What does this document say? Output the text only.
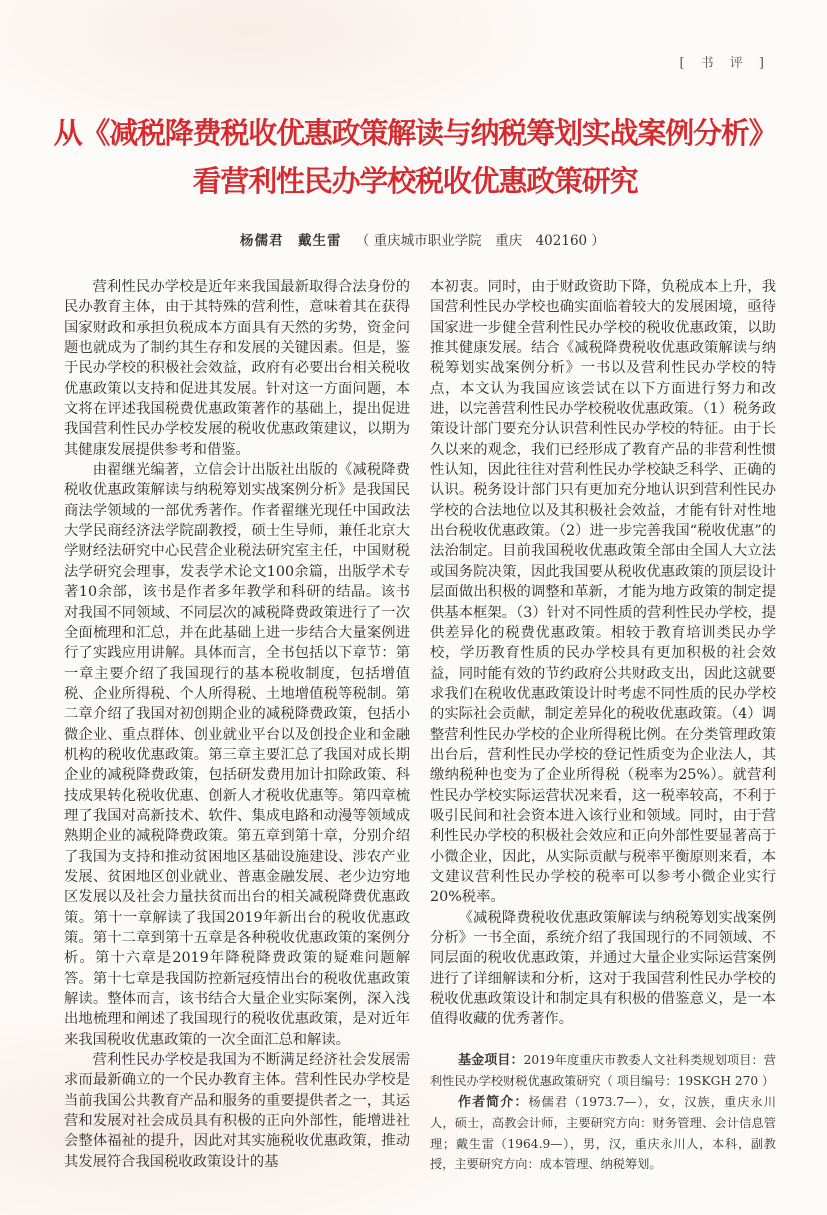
[ 书 评 ]
从《减税降费税收优惠政策解读与纳税筹划实战案例分析》
看营利性民办学校税收优惠政策研究
杨儒君　戴生雷 （ 重庆城市职业学院　重庆　402160 ）

营利性民办学校是近年来我国最新取得合法身份的民办教育主体，由于其特殊的营利性，意味着其在获得国家财政和承担负税成本方面具有天然的劣势，资金问题也就成为了制约其生存和发展的关键因素。但是，鉴于民办学校的积极社会效益，政府有必要出台相关税收优惠政策以支持和促进其发展。针对这一方面问题，本文将在评述我国税费优惠政策著作的基础上，提出促进我国营利性民办学校发展的税收优惠政策建议，以期为其健康发展提供参考和借鉴。

由翟继光编著，立信会计出版社出版的《减税降费税收优惠政策解读与纳税筹划实战案例分析》是我国民商法学领域的一部优秀著作。作者翟继光现任中国政法大学民商经济法学院副教授，硕士生导师，兼任北京大学财经法研究中心民营企业税法研究室主任，中国财税法学研究会理事，发表学术论文100余篇，出版学术专著10余部，该书是作者多年教学和科研的结晶。该书对我国不同领域、不同层次的减税降费政策进行了一次全面梳理和汇总，并在此基础上进一步结合大量案例进行了实践应用讲解。具体而言，全书包括以下章节：第一章主要介绍了我国现行的基本税收制度，包括增值税、企业所得税、个人所得税、土地增值税等税制。第二章介绍了我国对初创期企业的减税降费政策，包括小微企业、重点群体、创业就业平台以及创投企业和金融机构的税收优惠政策。第三章主要汇总了我国对成长期企业的减税降费政策，包括研发费用加计扣除政策、科技成果转化税收优惠、创新人才税收优惠等。第四章梳理了我国对高新技术、软件、集成电路和动漫等领域成熟期企业的减税降费政策。第五章到第十章，分别介绍了我国为支持和推动贫困地区基础设施建设、涉农产业发展、贫困地区创业就业、普惠金融发展、老少边穷地区发展以及社会力量扶贫而出台的相关减税降费优惠政策。第十一章解读了我国2019年新出台的税收优惠政策。第十二章到第十五章是各种税收优惠政策的案例分析。第十六章是2019年降税降费政策的疑难问题解答。第十七章是我国防控新冠疫情出台的税收优惠政策解读。整体而言，该书结合大量企业实际案例，深入浅出地梳理和阐述了我国现行的税收优惠政策，是对近年来我国税收优惠政策的一次全面汇总和解读。

营利性民办学校是我国为不断满足经济社会发展需求而最新确立的一个民办教育主体。营利性民办学校是当前我国公共教育产品和服务的重要提供者之一，其运营和发展对社会成员具有积极的正向外部性，能增进社会整体福祉的提升，因此对其实施税收优惠政策，推动其发展符合我国税收政策设计的基

本初衷。同时，由于财政资助下降，负税成本上升，我国营利性民办学校也确实面临着较大的发展困境，亟待国家进一步健全营利性民办学校的税收优惠政策，以助推其健康发展。结合《减税降费税收优惠政策解读与纳税筹划实战案例分析》一书以及营利性民办学校的特点，本文认为我国应该尝试在以下方面进行努力和改进，以完善营利性民办学校税收优惠政策。（1）税务政策设计部门要充分认识营利性民办学校的特征。由于长久以来的观念，我们已经形成了教育产品的非营利性惯性认知，因此往往对营利性民办学校缺乏科学、正确的认识。税务设计部门只有更加充分地认识到营利性民办学校的合法地位以及其积极社会效益，才能有针对性地出台税收优惠政策。（2）进一步完善我国“税收优惠”的法治制定。目前我国税收优惠政策全部由全国人大立法或国务院决策，因此我国要从税收优惠政策的顶层设计层面做出积极的调整和革新，才能为地方政策的制定提供基本框架。（3）针对不同性质的营利性民办学校，提供差异化的税费优惠政策。相较于教育培训类民办学校，学历教育性质的民办学校具有更加积极的社会效益，同时能有效的节约政府公共财政支出，因此这就要求我们在税收优惠政策设计时考虑不同性质的民办学校的实际社会贡献，制定差异化的税收优惠政策。（4）调整营利性民办学校的企业所得税比例。在分类管理政策出台后，营利性民办学校的登记性质变为企业法人，其缴纳税种也变为了企业所得税（税率为25%）。就营利性民办学校实际运营状况来看，这一税率较高，不利于吸引民间和社会资本进入该行业和领域。同时，由于营利性民办学校的积极社会效应和正向外部性要显著高于小微企业，因此，从实际贡献与税率平衡原则来看，本文建议营利性民办学校的税率可以参考小微企业实行20%税率。

《减税降费税收优惠政策解读与纳税筹划实战案例分析》一书全面，系统介绍了我国现行的不同领域、不同层面的税收优惠政策，并通过大量企业实际运营案例进行了详细解读和分析，这对于我国营利性民办学校的税收优惠政策设计和制定具有积极的借鉴意义，是一本值得收藏的优秀著作。

基金项目：2019年度重庆市教委人文社科类规划项目：营利性民办学校财税优惠政策研究（ 项目编号：19SKGH 270 ）

作者简介：杨儒君（1973.7—），女，汉族，重庆永川人，硕士，高教会计师，主要研究方向：财务管理、会计信息管理；戴生雷（1964.9—），男，汉，重庆永川人，本科，副教授，主要研究方向：成本管理、纳税筹划。
